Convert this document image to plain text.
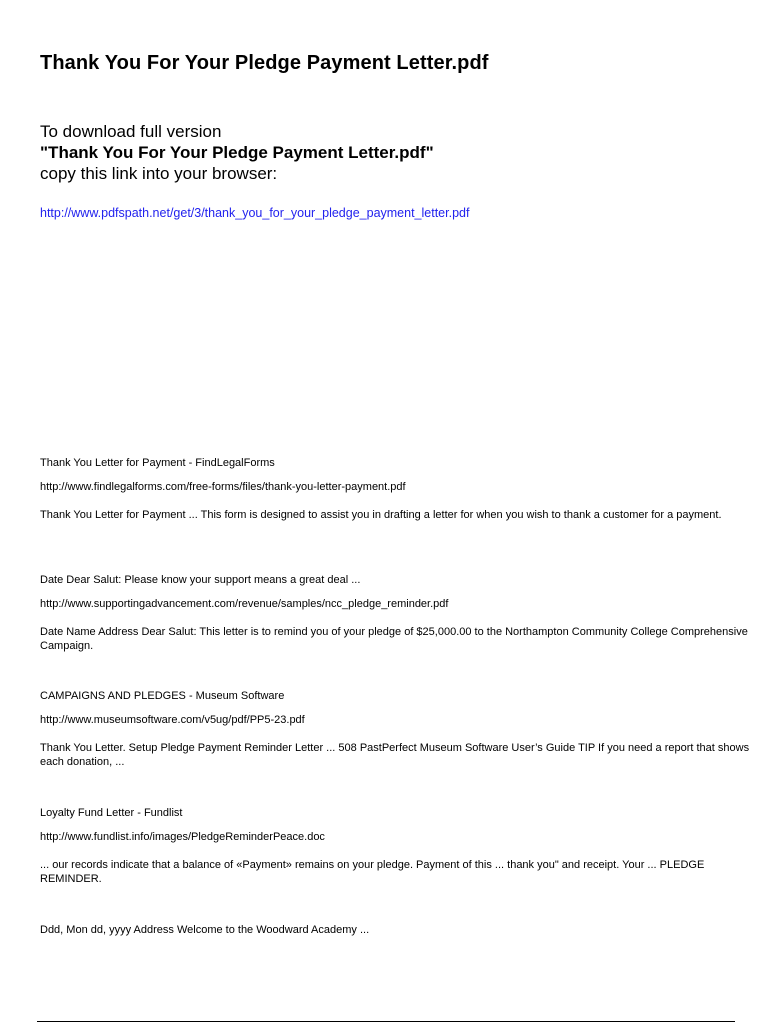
Thank You For Your Pledge Payment Letter.pdf
To download full version
"Thank You For Your Pledge Payment Letter.pdf"
copy this link into your browser:
http://www.pdfspath.net/get/3/thank_you_for_your_pledge_payment_letter.pdf
Thank You Letter for Payment - FindLegalForms
http://www.findlegalforms.com/free-forms/files/thank-you-letter-payment.pdf
Thank You Letter for Payment ... This form is designed to assist you in drafting a letter for when you wish to thank a customer for a payment.
Date Dear Salut: Please know your support means a great deal ...
http://www.supportingadvancement.com/revenue/samples/ncc_pledge_reminder.pdf
Date Name Address Dear Salut: This letter is to remind you of your pledge of $25,000.00 to the Northampton Community College Comprehensive Campaign.
CAMPAIGNS AND PLEDGES - Museum Software
http://www.museumsoftware.com/v5ug/pdf/PP5-23.pdf
Thank You Letter. Setup Pledge Payment Reminder Letter ... 508 PastPerfect Museum Software User’s Guide TIP If you need a report that shows each donation, ...
Loyalty Fund Letter - Fundlist
http://www.fundlist.info/images/PledgeReminderPeace.doc
... our records indicate that a balance of «Payment» remains on your pledge. Payment of this ... thank you" and receipt. Your ... PLEDGE REMINDER.
Ddd, Mon dd, yyyy Address Welcome to the Woodward Academy ...
